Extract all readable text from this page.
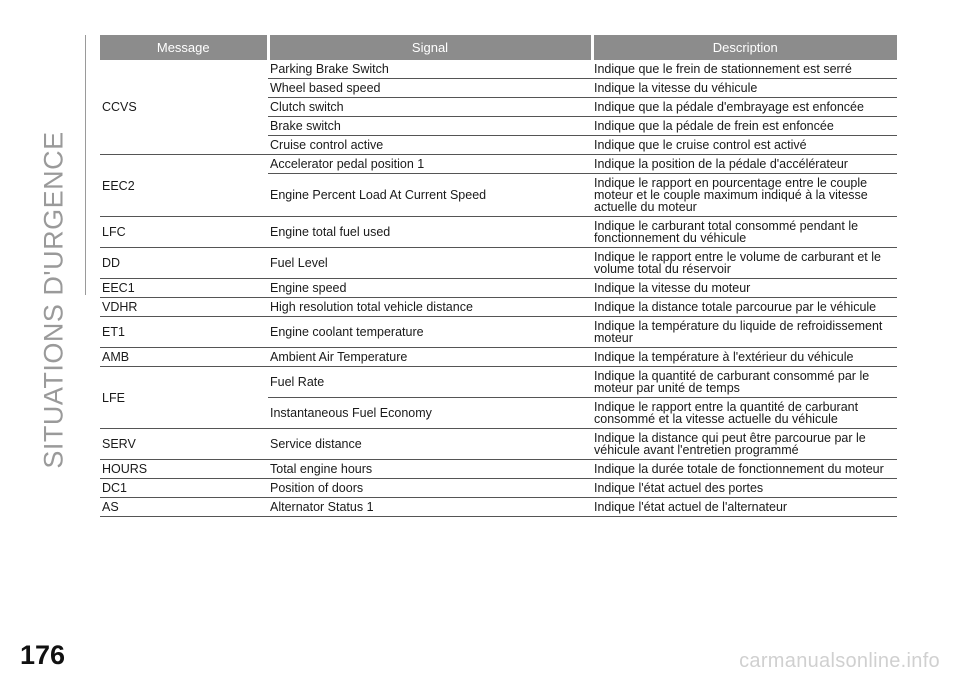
SITUATIONS D'URGENCE
Message	Signal	Description
CCVS	Parking Brake Switch	Indique que le frein de stationnement est serré
	Wheel based speed	Indique la vitesse du véhicule
	Clutch switch	Indique que la pédale d'embrayage est enfoncée
	Brake switch	Indique que la pédale de frein est enfoncée
	Cruise control active	Indique que le cruise control est activé
EEC2	Accelerator pedal position 1	Indique la position de la pédale d'accélérateur
	Engine Percent Load At Current Speed	Indique le rapport en pourcentage entre le couple moteur et le couple maximum indiqué à la vitesse actuelle du moteur
LFC	Engine total fuel used	Indique le carburant total consommé pendant le fonctionnement du véhicule
DD	Fuel Level	Indique le rapport entre le volume de carburant et le volume total du réservoir
EEC1	Engine speed	Indique la vitesse du moteur
VDHR	High resolution total vehicle distance	Indique la distance totale parcourue par le véhicule
ET1	Engine coolant temperature	Indique la température du liquide de refroidissement moteur
AMB	Ambient Air Temperature	Indique la température à l'extérieur du véhicule
LFE	Fuel Rate	Indique la quantité de carburant consommé par le moteur par unité de temps
	Instantaneous Fuel Economy	Indique le rapport entre la quantité de carburant consommé et la vitesse actuelle du véhicule
SERV	Service distance	Indique la distance qui peut être parcourue par le véhicule avant l'entretien programmé
HOURS	Total engine hours	Indique la durée totale de fonctionnement du moteur
DC1	Position of doors	Indique l'état actuel des portes
AS	Alternator Status 1	Indique l'état actuel de l'alternateur
176	carmanualsonline.info
